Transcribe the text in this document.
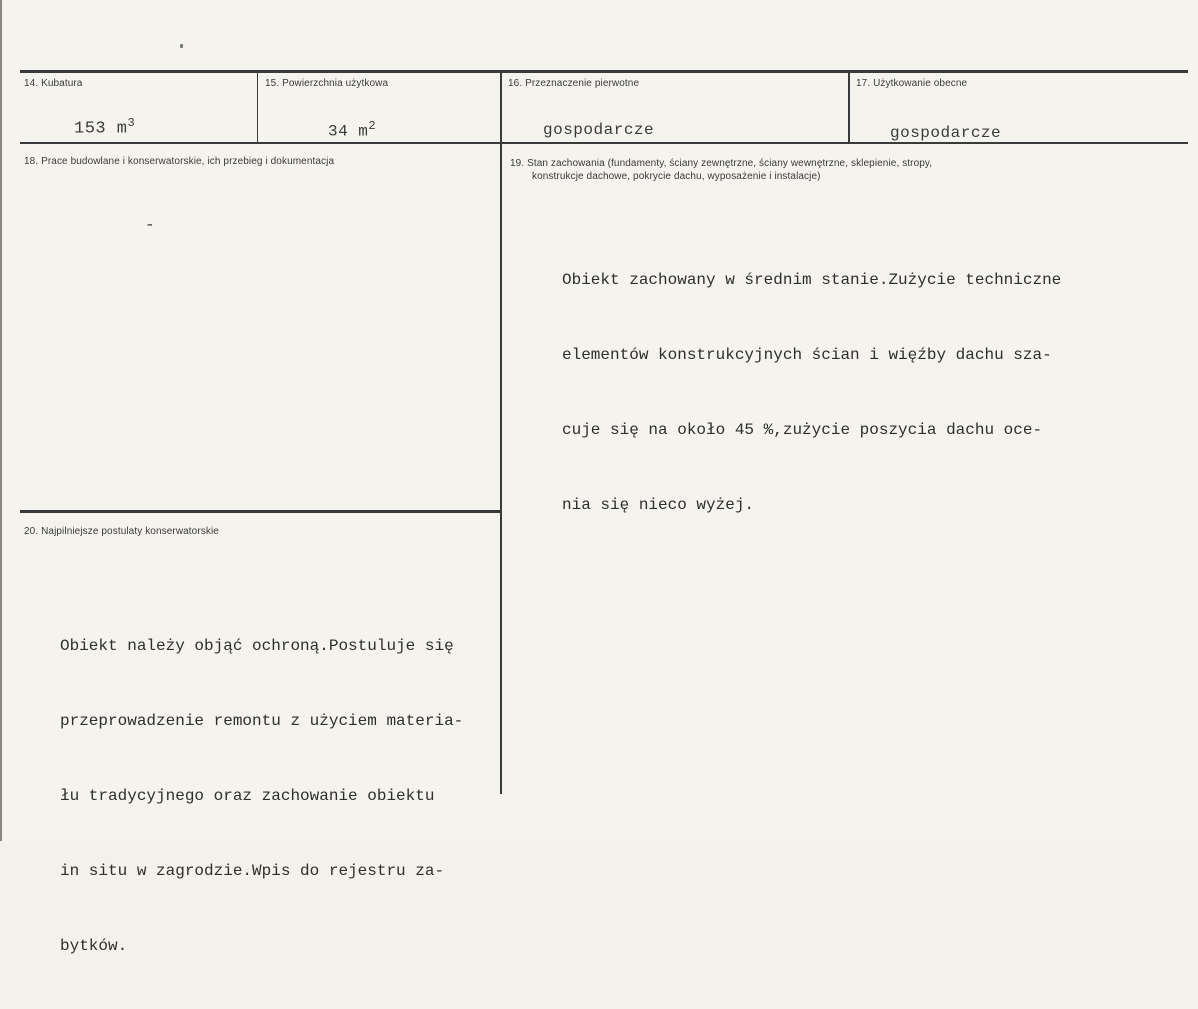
14. Kubatura
153 $m^3$
15. Powierzchnia użytkowa
34 $m^2$
16. Przeznaczenie pierwotne
gospodarcze
17. Użytkowanie obecne
gospodarcze
18. Prace budowlane i konserwatorskie, ich przebieg i dokumentacja
-
19. Stan zachowania (fundamenty, ściany zewnętrzne, ściany wewnętrzne, sklepienie, stropy,
konstrukcje dachowe, pokrycie dachu, wyposażenie i instalacje)

Obiekt zachowany w średnim stanie.Zużycie techniczne

elementów konstrukcyjnych ścian i więźby dachu sza-

cuje się na około 45 %,zużycie poszycia dachu oce-

nia się nieco wyżej.

20. Najpilniejsze postulaty konserwatorskie

Obiekt należy objąć ochroną.Postuluje się

przeprowadzenie remontu z użyciem materia-

łu tradycyjnego oraz zachowanie obiektu

in situ w zagrodzie.Wpis do rejestru za-

bytków.
